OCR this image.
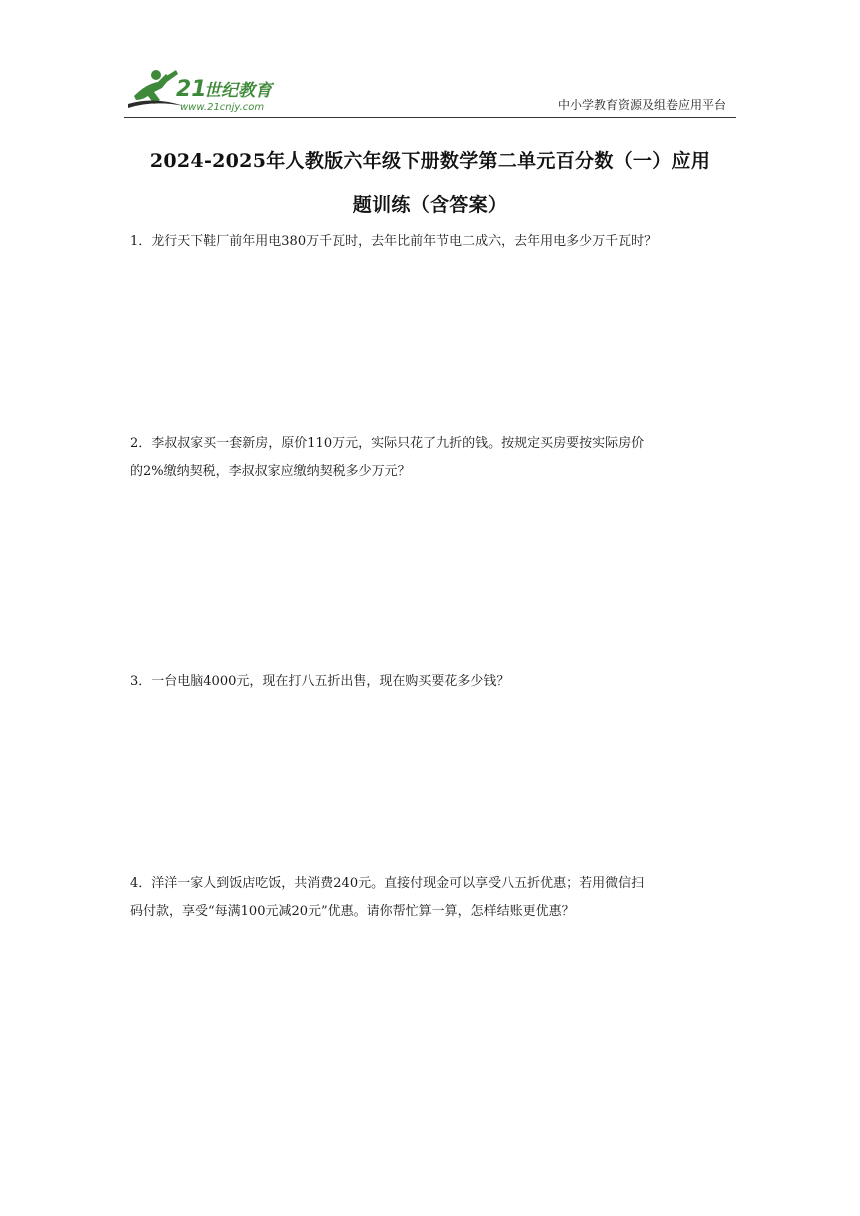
21
世纪教育
www.21cnjy.com	中小学教育资源及组卷应用平台
2024-2025年人教版六年级下册数学第二单元百分数（一）应用
题训练（含答案）
1．龙行天下鞋厂前年用电380万千瓦时，去年比前年节电二成六，去年用电多少万千瓦时？
2．李叔叔家买一套新房，原价110万元，实际只花了九折的钱。按规定买房要按实际房价
的2%缴纳契税，李叔叔家应缴纳契税多少万元？
3．一台电脑4000元，现在打八五折出售，现在购买要花多少钱？
4．洋洋一家人到饭店吃饭，共消费240元。直接付现金可以享受八五折优惠；若用微信扫
码付款，享受“每满100元减20元”优惠。请你帮忙算一算，怎样结账更优惠？
